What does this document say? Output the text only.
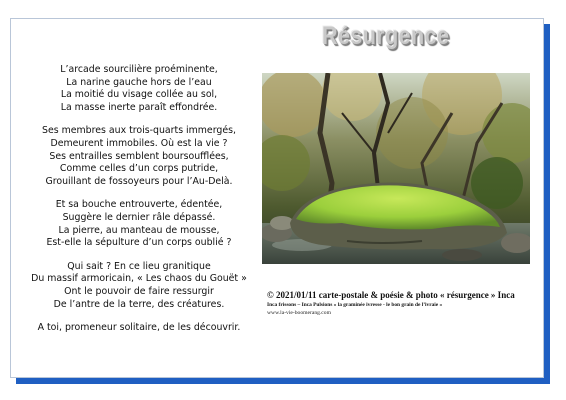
Résurgence
L’arcade sourcilière proéminente,
La narine gauche hors de l’eau
La moitié du visage collée au sol,
La masse inerte paraît effondrée.
Ses membres aux trois-quarts immergés,
Demeurent immobiles. Où est la vie ?
Ses entrailles semblent boursoufflées,
Comme celles d’un corps putride,
Grouillant de fossoyeurs pour l’Au-Delà.
Et sa bouche entrouverte, édentée,
Suggère le dernier râle dépassé.
La pierre, au manteau de mousse,
Est-elle la sépulture d’un corps oublié ?
Qui sait ? En ce lieu granitique
Du massif armoricain, « Les chaos du Gouët »
Ont le pouvoir de faire ressurgir
De l’antre de la terre, des créatures.
A toi, promeneur solitaire, de les découvrir.
© 2021/01/11 carte-postale & poésie & photo « résurgence » Inca
Inca frissons – Inca Pulsions « la graminée ivresse - le bon grain de l’ivraie »
www.la-vie-boomerang.com
